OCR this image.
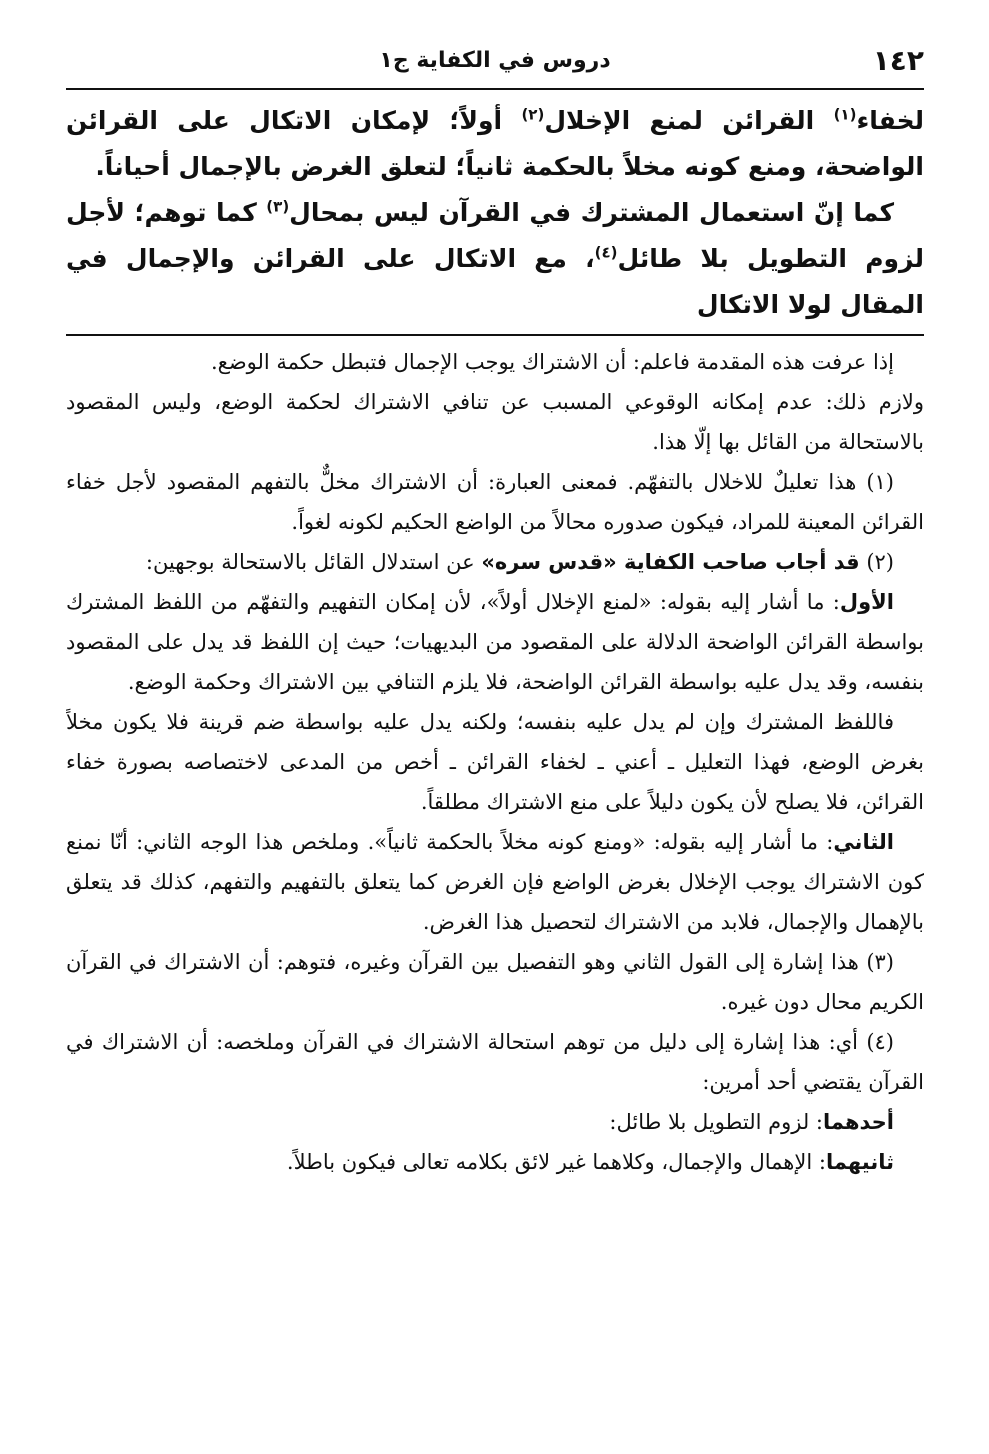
١٤٢
دروس في الكفاية ج١

لخفاء$^{(١)}$ القرائن لمنع الإخلال$^{(٢)}$ أولاً؛ لإمكان الاتكال على القرائن الواضحة، ومنع كونه مخلاً بالحكمة ثانياً؛ لتعلق الغرض بالإجمال أحياناً.

كما إنّ استعمال المشترك في القرآن ليس بمحال$^{(٣)}$ كما توهم؛ لأجل لزوم التطويل بلا طائل$^{(٤)}$، مع الاتكال على القرائن والإجمال في المقال لولا الاتكال

إذا عرفت هذه المقدمة فاعلم: أن الاشتراك يوجب الإجمال فتبطل حكمة الوضع.

ولازم ذلك: عدم إمكانه الوقوعي المسبب عن تنافي الاشتراك لحكمة الوضع، وليس المقصود بالاستحالة من القائل بها إلّا هذا.

(١) هذا تعليلٌ للاخلال بالتفهّم. فمعنى العبارة: أن الاشتراك مخلٌّ بالتفهم المقصود لأجل خفاء القرائن المعينة للمراد، فيكون صدوره محالاً من الواضع الحكيم لكونه لغواً.

(٢) قد أجاب صاحب الكفاية «قدس سره» عن استدلال القائل بالاستحالة بوجهين:

الأول: ما أشار إليه بقوله: «لمنع الإخلال أولاً»، لأن إمكان التفهيم والتفهّم من اللفظ المشترك بواسطة القرائن الواضحة الدلالة على المقصود من البديهيات؛ حيث إن اللفظ قد يدل على المقصود بنفسه، وقد يدل عليه بواسطة القرائن الواضحة، فلا يلزم التنافي بين الاشتراك وحكمة الوضع.

فاللفظ المشترك وإن لم يدل عليه بنفسه؛ ولكنه يدل عليه بواسطة ضم قرينة فلا يكون مخلاً بغرض الوضع، فهذا التعليل ـ أعني ـ لخفاء القرائن ـ أخص من المدعى لاختصاصه بصورة خفاء القرائن، فلا يصلح لأن يكون دليلاً على منع الاشتراك مطلقاً.

الثاني: ما أشار إليه بقوله: «ومنع كونه مخلاً بالحكمة ثانياً». وملخص هذا الوجه الثاني: أنّا نمنع كون الاشتراك يوجب الإخلال بغرض الواضع فإن الغرض كما يتعلق بالتفهيم والتفهم، كذلك قد يتعلق بالإهمال والإجمال، فلابد من الاشتراك لتحصيل هذا الغرض.

(٣) هذا إشارة إلى القول الثاني وهو التفصيل بين القرآن وغيره، فتوهم: أن الاشتراك في القرآن الكريم محال دون غيره.

(٤) أي: هذا إشارة إلى دليل من توهم استحالة الاشتراك في القرآن وملخصه: أن الاشتراك في القرآن يقتضي أحد أمرين:

أحدهما: لزوم التطويل بلا طائل:

ثانيهما: الإهمال والإجمال، وكلاهما غير لائق بكلامه تعالى فيكون باطلاً.
